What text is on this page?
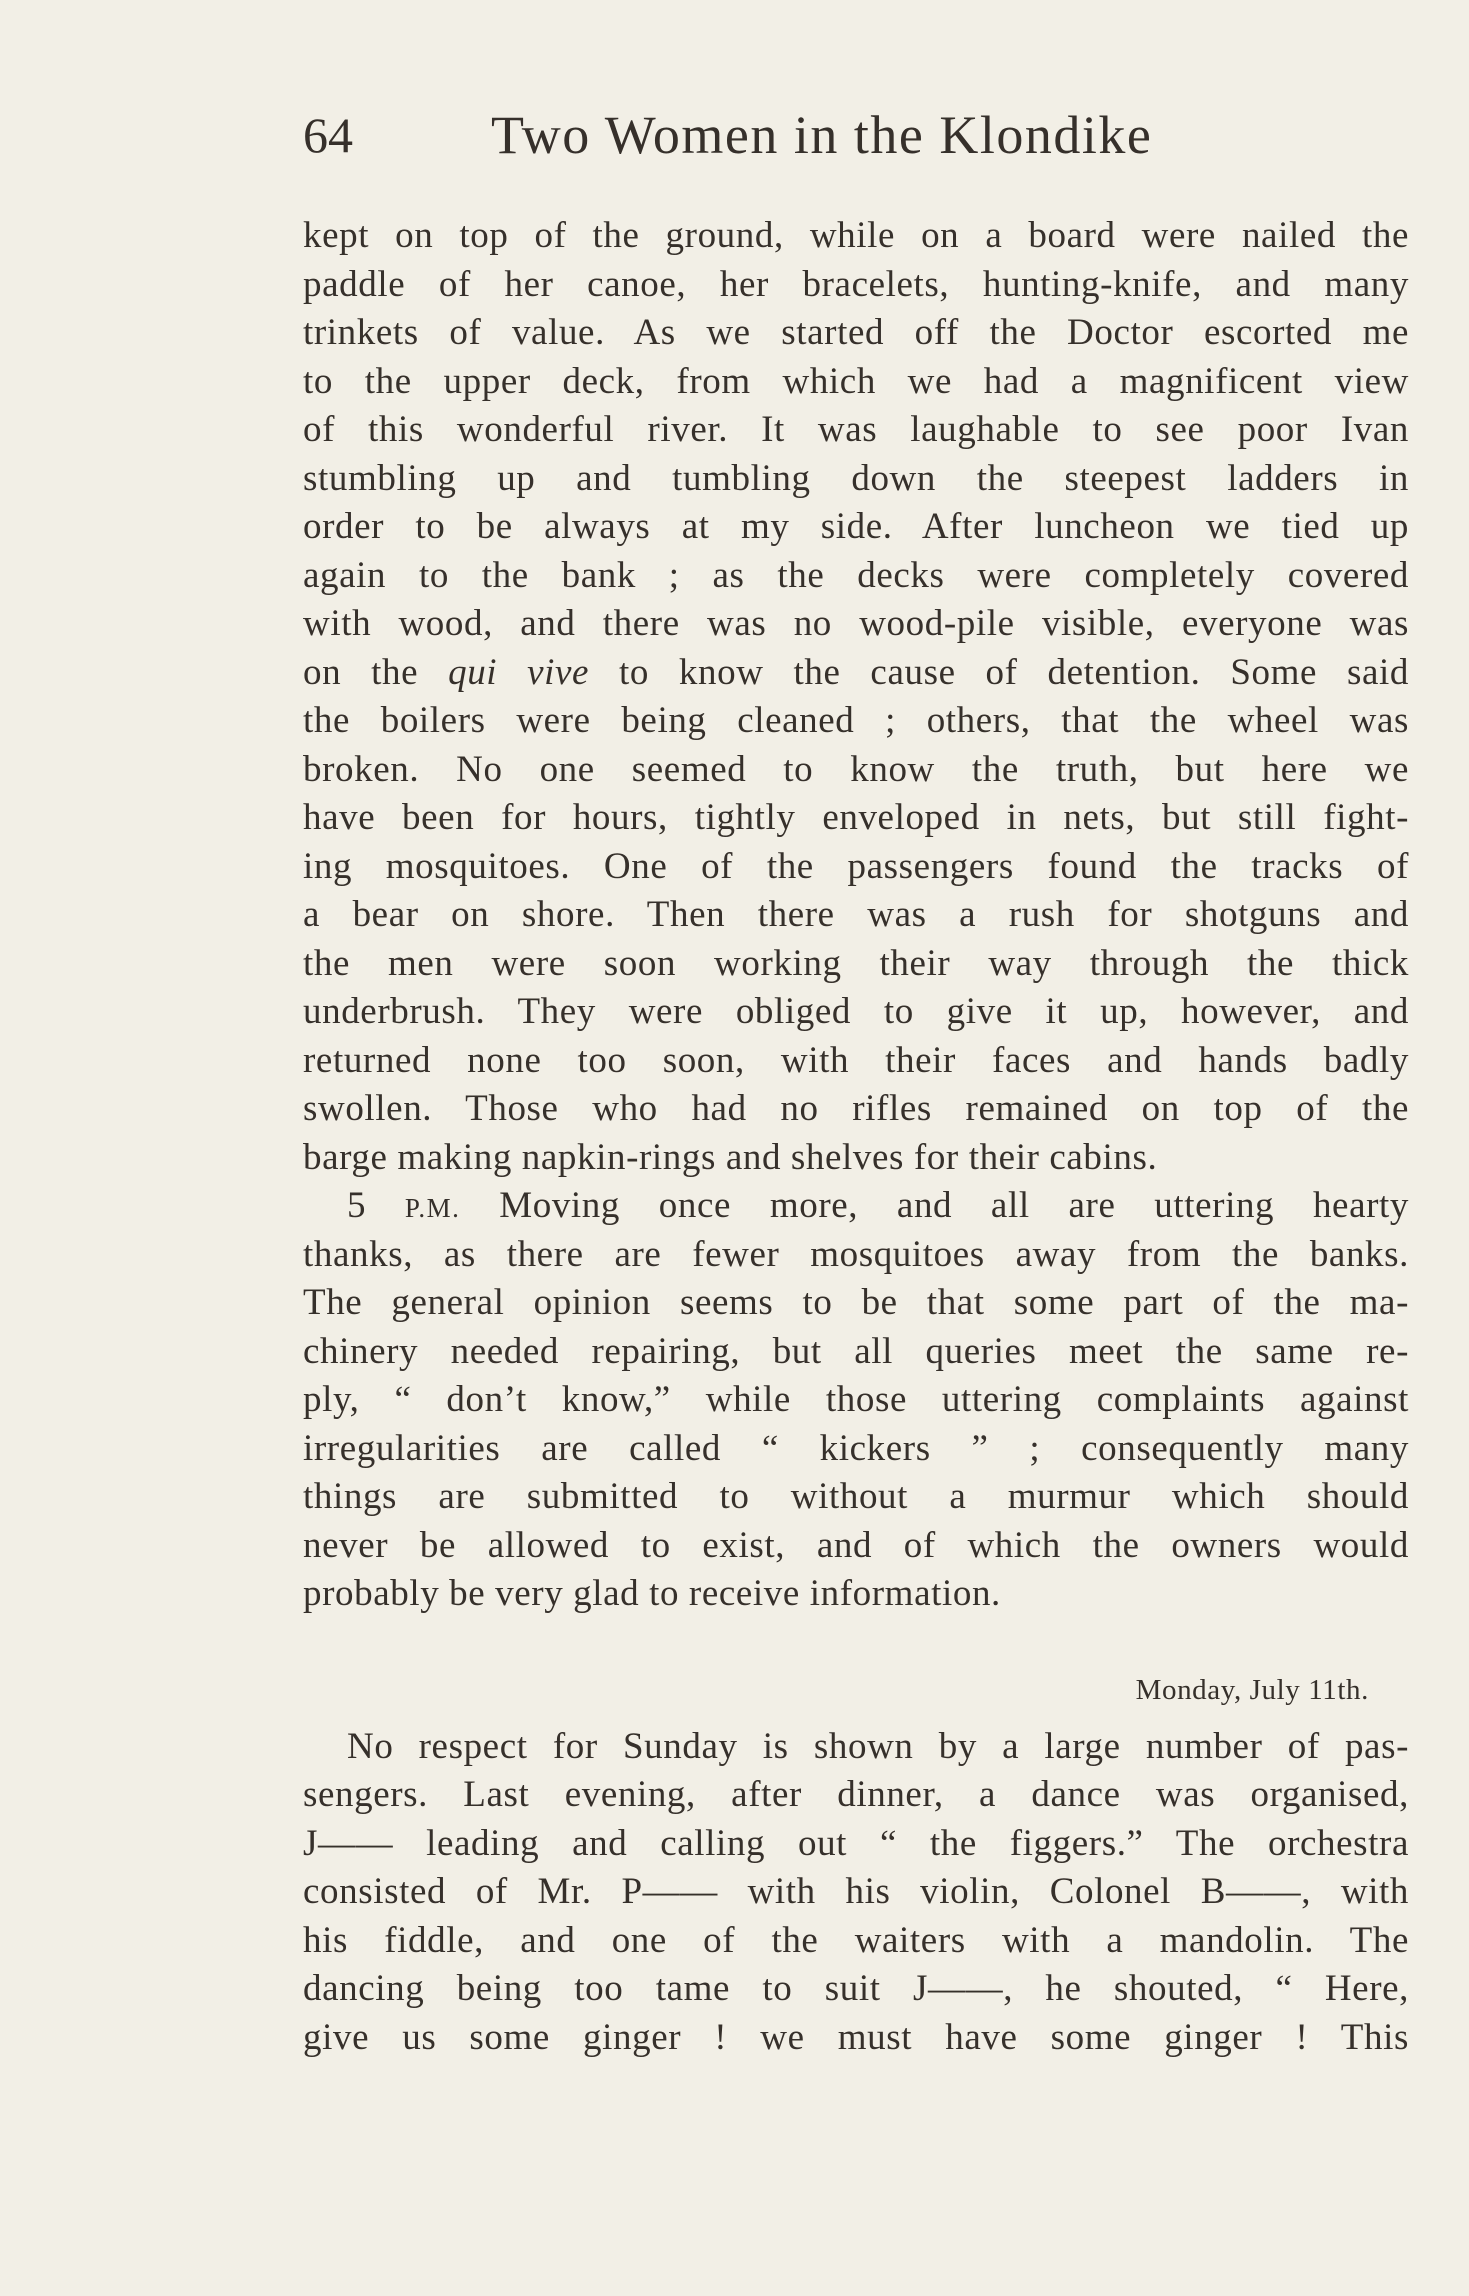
64	Two Women in the Klondike
kept on top of the ground, while on a board were nailed the
paddle of her canoe, her bracelets, hunting-knife, and many
trinkets of value. As we started off the Doctor escorted me
to the upper deck, from which we had a magnificent view
of this wonderful river. It was laughable to see poor Ivan
stumbling up and tumbling down the steepest ladders in
order to be always at my side. After luncheon we tied up
again to the bank ; as the decks were completely covered
with wood, and there was no wood-pile visible, everyone was
on the qui vive to know the cause of detention. Some said
the boilers were being cleaned ; others, that the wheel was
broken. No one seemed to know the truth, but here we
have been for hours, tightly enveloped in nets, but still fight-
ing mosquitoes. One of the passengers found the tracks of
a bear on shore. Then there was a rush for shotguns and
the men were soon working their way through the thick
underbrush. They were obliged to give it up, however, and
returned none too soon, with their faces and hands badly
swollen. Those who had no rifles remained on top of the
barge making napkin-rings and shelves for their cabins.
5 P.M. Moving once more, and all are uttering hearty
thanks, as there are fewer mosquitoes away from the banks.
The general opinion seems to be that some part of the ma-
chinery needed repairing, but all queries meet the same re-
ply, “ don’t know,” while those uttering complaints against
irregularities are called “ kickers ” ; consequently many
things are submitted to without a murmur which should
never be allowed to exist, and of which the owners would
probably be very glad to receive information.
Monday, July 11th.
No respect for Sunday is shown by a large number of pas-
sengers. Last evening, after dinner, a dance was organised,
J—— leading and calling out “ the figgers.” The orchestra
consisted of Mr. P—— with his violin, Colonel B——, with
his fiddle, and one of the waiters with a mandolin. The
dancing being too tame to suit J——, he shouted, “ Here,
give us some ginger ! we must have some ginger ! This
